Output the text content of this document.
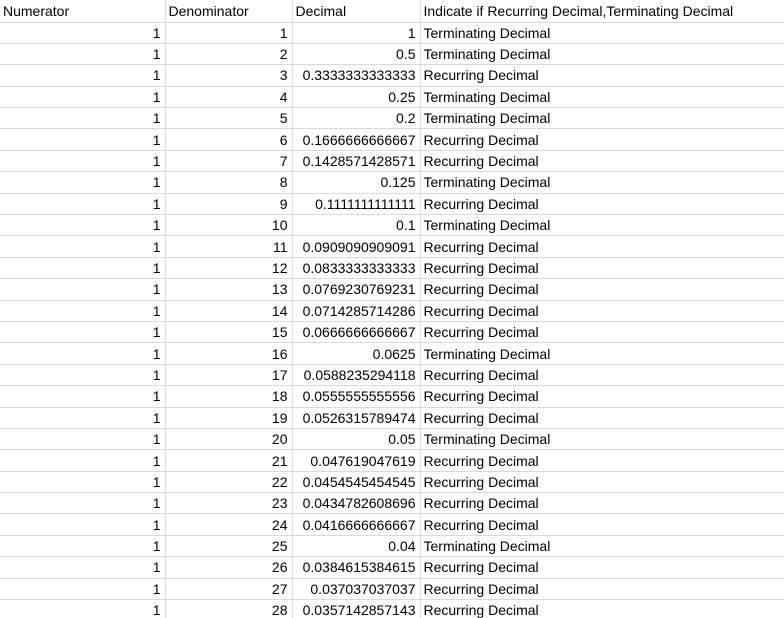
Numerator	Denominator	Decimal	Indicate if Recurring Decimal,Terminating Decimal
1	1	1	Terminating Decimal
1	2	0.5	Terminating Decimal
1	3	0.3333333333333	Recurring Decimal
1	4	0.25	Terminating Decimal
1	5	0.2	Terminating Decimal
1	6	0.1666666666667	Recurring Decimal
1	7	0.1428571428571	Recurring Decimal
1	8	0.125	Terminating Decimal
1	9	0.1111111111111	Recurring Decimal
1	10	0.1	Terminating Decimal
1	11	0.0909090909091	Recurring Decimal
1	12	0.0833333333333	Recurring Decimal
1	13	0.0769230769231	Recurring Decimal
1	14	0.0714285714286	Recurring Decimal
1	15	0.0666666666667	Recurring Decimal
1	16	0.0625	Terminating Decimal
1	17	0.0588235294118	Recurring Decimal
1	18	0.0555555555556	Recurring Decimal
1	19	0.0526315789474	Recurring Decimal
1	20	0.05	Terminating Decimal
1	21	0.047619047619	Recurring Decimal
1	22	0.0454545454545	Recurring Decimal
1	23	0.0434782608696	Recurring Decimal
1	24	0.0416666666667	Recurring Decimal
1	25	0.04	Terminating Decimal
1	26	0.0384615384615	Recurring Decimal
1	27	0.037037037037	Recurring Decimal
1	28	0.0357142857143	Recurring Decimal
